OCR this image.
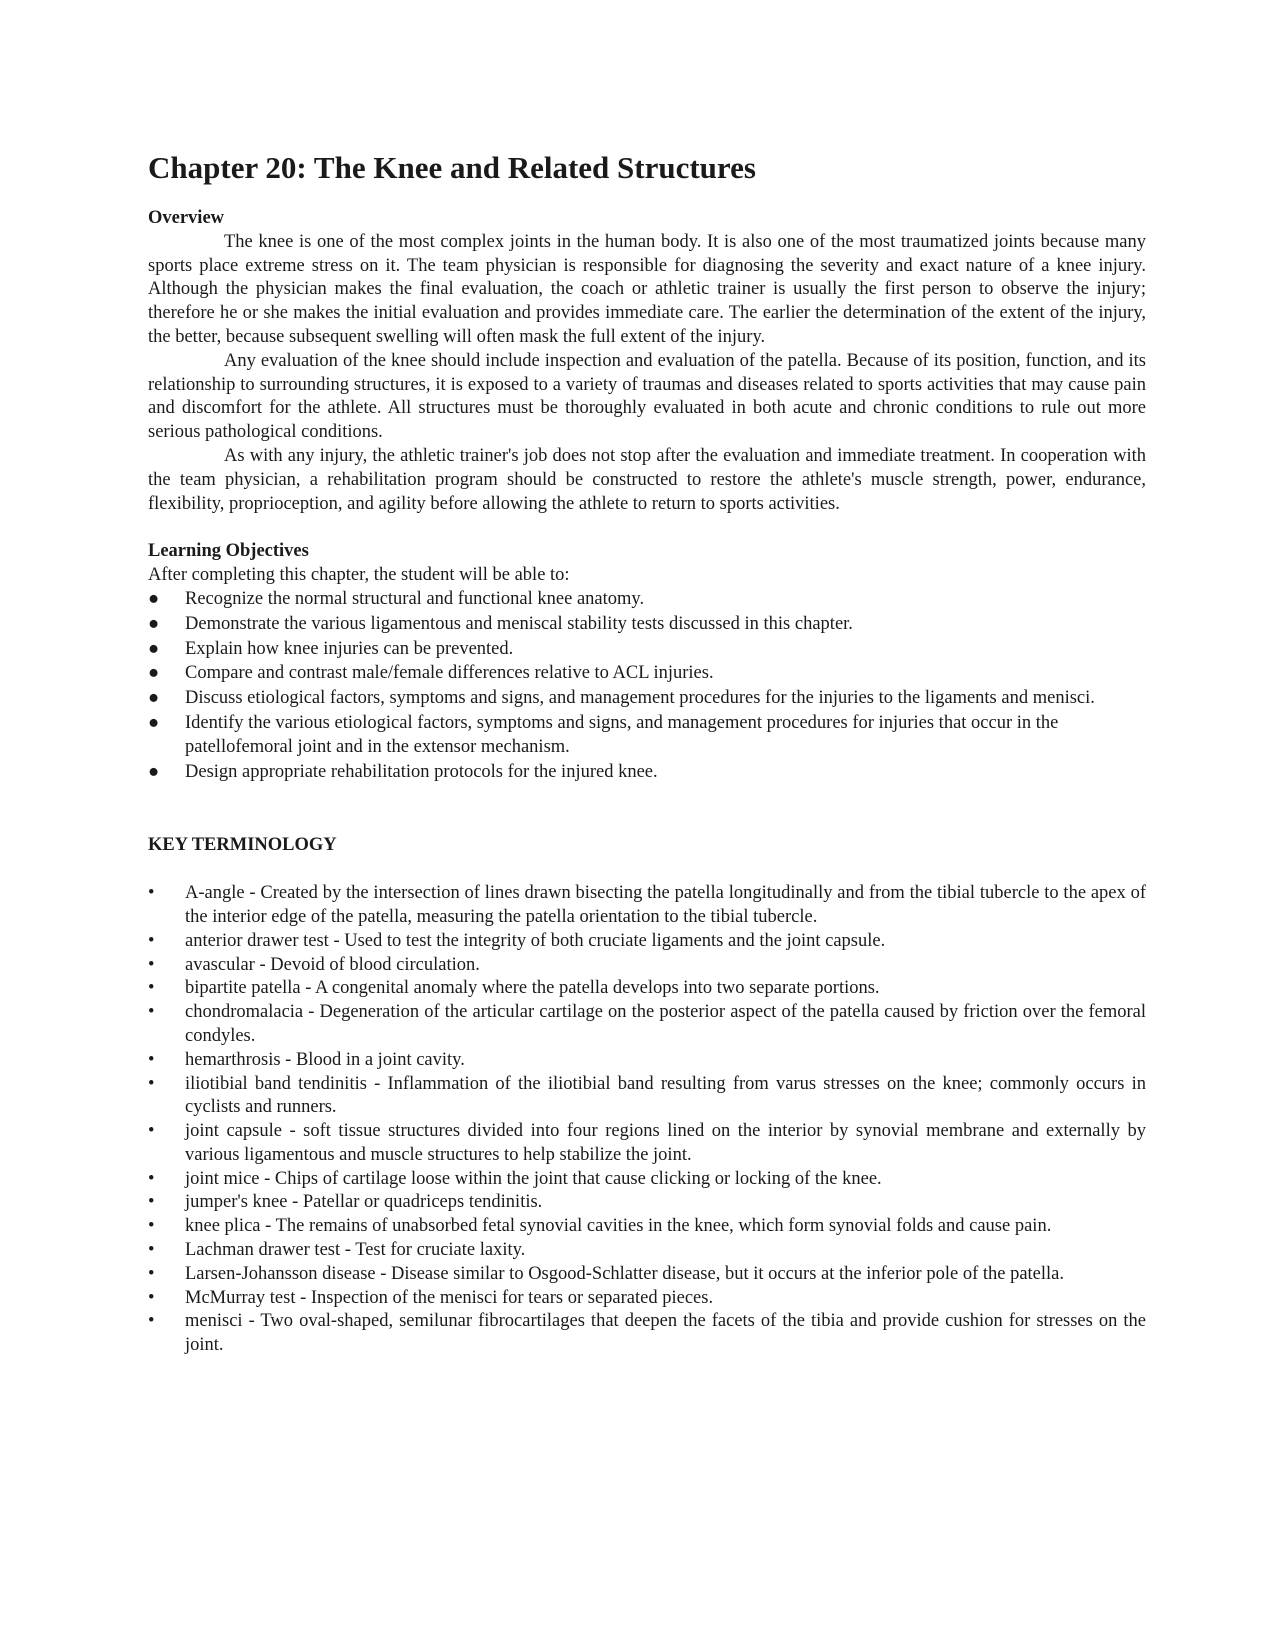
Chapter 20: The Knee and Related Structures
Overview

The knee is one of the most complex joints in the human body. It is also one of the most traumatized joints because many sports place extreme stress on it. The team physician is responsible for diagnosing the severity and exact nature of a knee injury. Although the physician makes the final evaluation, the coach or athletic trainer is usually the first person to observe the injury; therefore he or she makes the initial evaluation and provides immediate care. The earlier the determination of the extent of the injury, the better, because subsequent swelling will often mask the full extent of the injury.

Any evaluation of the knee should include inspection and evaluation of the patella. Because of its position, function, and its relationship to surrounding structures, it is exposed to a variety of traumas and diseases related to sports activities that may cause pain and discomfort for the athlete. All structures must be thoroughly evaluated in both acute and chronic conditions to rule out more serious pathological conditions.

As with any injury, the athletic trainer's job does not stop after the evaluation and immediate treatment. In cooperation with the team physician, a rehabilitation program should be constructed to restore the athlete's muscle strength, power, endurance, flexibility, proprioception, and agility before allowing the athlete to return to sports activities.

Learning Objectives
After completing this chapter, the student will be able to:
●	Recognize the normal structural and functional knee anatomy.
●	Demonstrate the various ligamentous and meniscal stability tests discussed in this chapter.
●	Explain how knee injuries can be prevented.
●	Compare and contrast male/female differences relative to ACL injuries.
●	Discuss etiological factors, symptoms and signs, and management procedures for the injuries to the ligaments and menisci.
●	Identify the various etiological factors, symptoms and signs, and management procedures for injuries that occur in the patellofemoral joint and in the extensor mechanism.
●	Design appropriate rehabilitation protocols for the injured knee.
KEY TERMINOLOGY
•	A-angle - Created by the intersection of lines drawn bisecting the patella longitudinally and from the tibial tubercle to the apex of the interior edge of the patella, measuring the patella orientation to the tibial tubercle.
•	anterior drawer test - Used to test the integrity of both cruciate ligaments and the joint capsule.
•	avascular - Devoid of blood circulation.
•	bipartite patella - A congenital anomaly where the patella develops into two separate portions.
•	chondromalacia - Degeneration of the articular cartilage on the posterior aspect of the patella caused by friction over the femoral condyles.
•	hemarthrosis - Blood in a joint cavity.
•	iliotibial band tendinitis - Inflammation of the iliotibial band resulting from varus stresses on the knee; commonly occurs in cyclists and runners.
•	joint capsule - soft tissue structures divided into four regions lined on the interior by synovial membrane and externally by various ligamentous and muscle structures to help stabilize the joint.
•	joint mice - Chips of cartilage loose within the joint that cause clicking or locking of the knee.
•	jumper's knee - Patellar or quadriceps tendinitis.
•	knee plica - The remains of unabsorbed fetal synovial cavities in the knee, which form synovial folds and cause pain.
•	Lachman drawer test - Test for cruciate laxity.
•	Larsen-Johansson disease - Disease similar to Osgood-Schlatter disease, but it occurs at the inferior pole of the patella.
•	McMurray test - Inspection of the menisci for tears or separated pieces.
•	menisci - Two oval-shaped, semilunar fibrocartilages that deepen the facets of the tibia and provide cushion for stresses on the joint.
